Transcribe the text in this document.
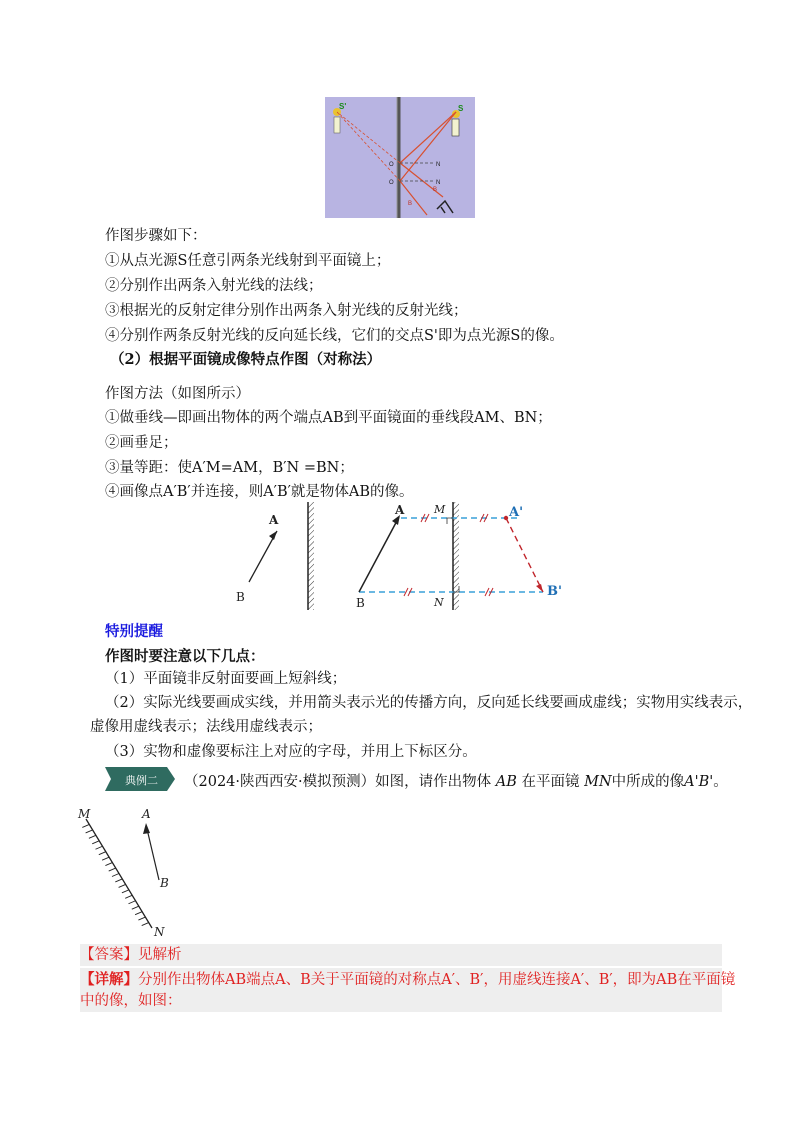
S'	S
O
O
N
N
B
B
作图步骤如下：
①从点光源S任意引两条光线射到平面镜上；
②分别作出两条入射光线的法线；
③根据光的反射定律分别作出两条入射光线的反射光线；
④分别作两条反射光线的反向延长线，它们的交点S'即为点光源S的像。
（2）根据平面镜成像特点作图（对称法）
作图方法（如图所示）
①做垂线—即画出物体的两个端点AB到平面镜面的垂线段AM、BN；
②画垂足；
③量等距：使A′M=AM，B′N =BN；
④画像点A′B′并连接，则A′B′就是物体AB的像。
A
B
A
B
M
N
A'
B'
特别提醒
作图时要注意以下几点：
（1）平面镜非反射面要画上短斜线；
（2）实际光线要画成实线，并用箭头表示光的传播方向，反向延长线要画成虚线；实物用实线表示，
虚像用虚线表示；法线用虚线表示；
（3）实物和虚像要标注上对应的字母，并用上下标区分。
典例二 （2024·陕西西安·模拟预测）如图，请作出物体 AB 在平面镜 MN中所成的像A'B'。
M	A
B
N
【答案】见解析
【详解】分别作出物体AB端点A、B关于平面镜的对称点A′、B′，用虚线连接A′、B′，即为AB在平面镜
中的像，如图：
